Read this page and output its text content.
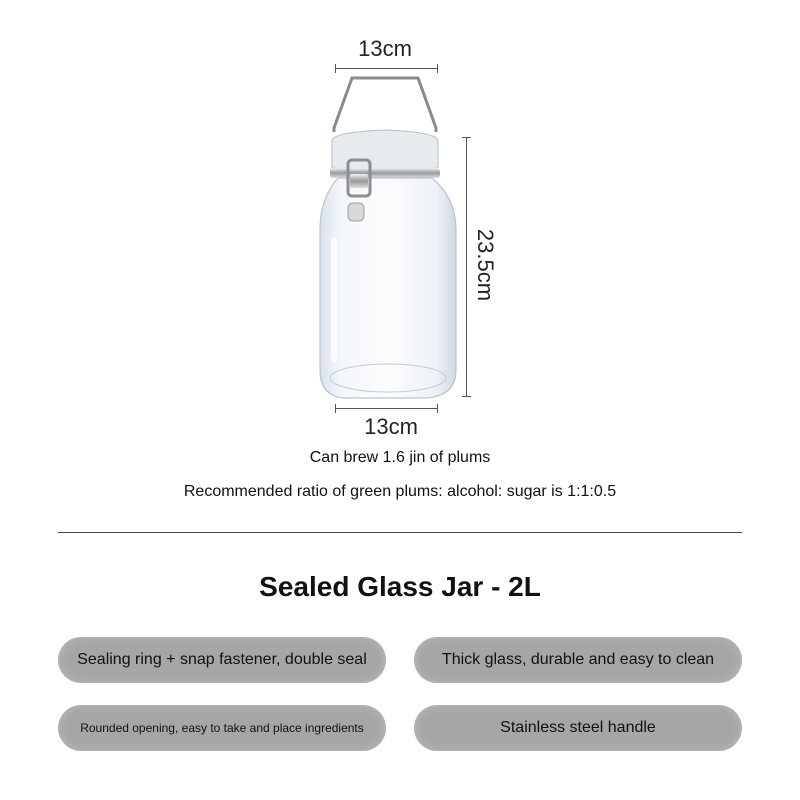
13cm
23.5cm
13cm
Can brew 1.6 jin of plums
Recommended ratio of green plums: alcohol: sugar is 1:1:0.5
Sealed Glass Jar - 2L
Sealing ring + snap fastener, double seal	Thick glass, durable and easy to clean
Rounded opening, easy to take and place ingredients	Stainless steel handle
